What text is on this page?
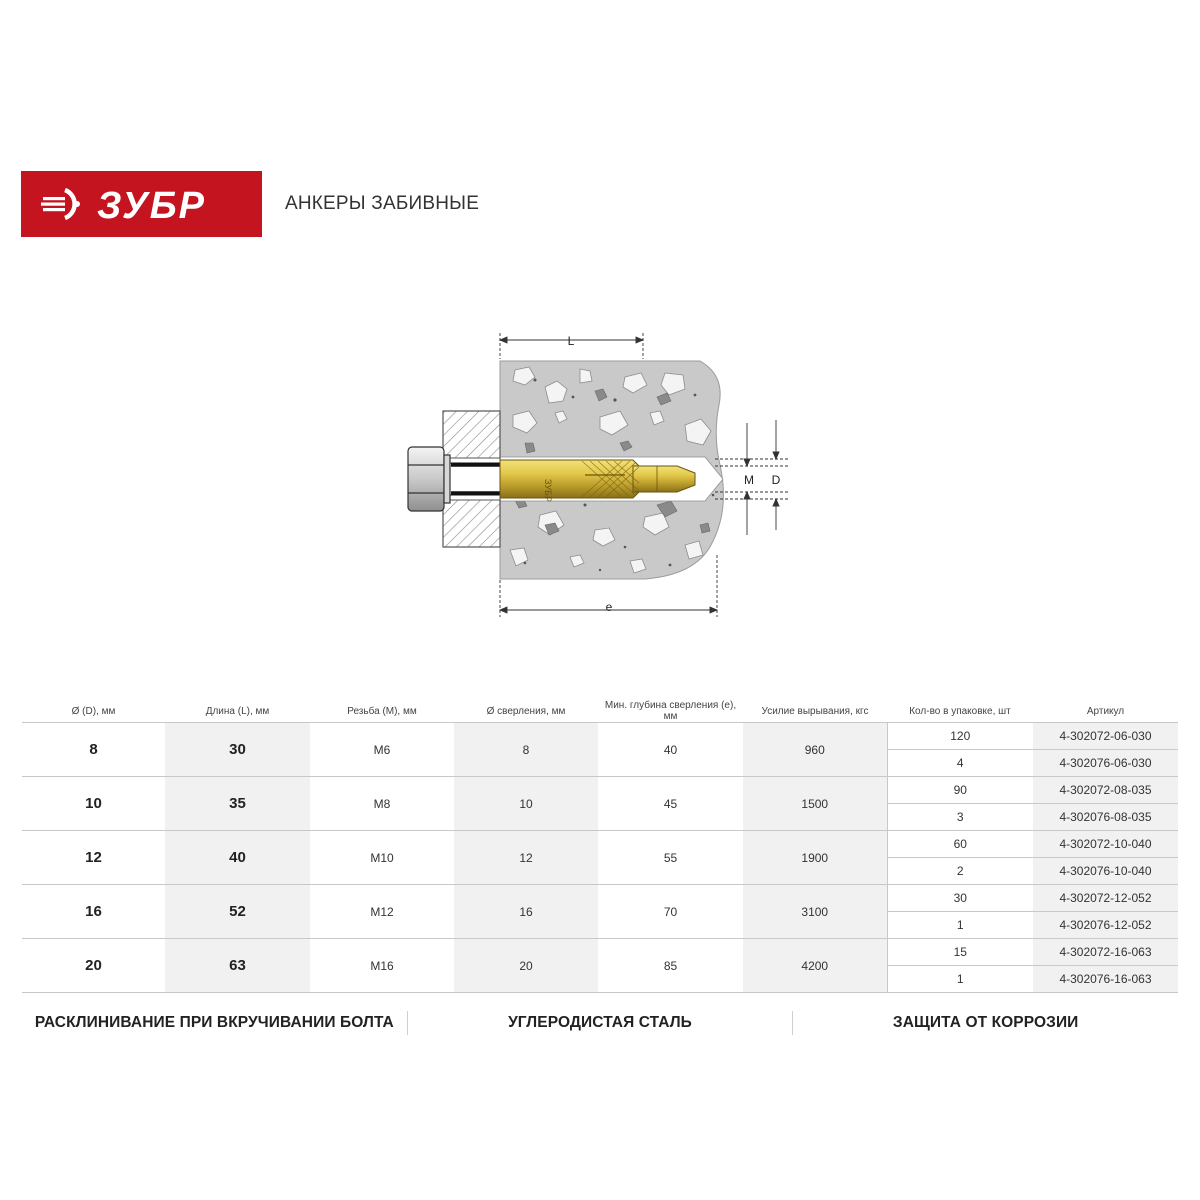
ЗУБР	АНКЕРЫ ЗАБИВНЫЕ
ЗУБР
L
e
M D
Ø (D), мм	Длина (L), мм	Резьба (M), мм	Ø сверления, мм	Мин. глубина сверления (е), мм	Усилие вырывания, кгс	Кол-во в упаковке, шт	Артикул
8	30	M6	8	40	960	120	4-302072-06-030
						4	4-302076-06-030
10	35	M8	10	45	1500	90	4-302072-08-035
						3	4-302076-08-035
12	40	M10	12	55	1900	60	4-302072-10-040
						2	4-302076-10-040
16	52	M12	16	70	3100	30	4-302072-12-052
						1	4-302076-12-052
20	63	M16	20	85	4200	15	4-302072-16-063
						1	4-302076-16-063
РАСКЛИНИВАНИЕ ПРИ ВКРУЧИВАНИИ БОЛТА	УГЛЕРОДИСТАЯ СТАЛЬ	ЗАЩИТА ОТ КОРРОЗИИ
